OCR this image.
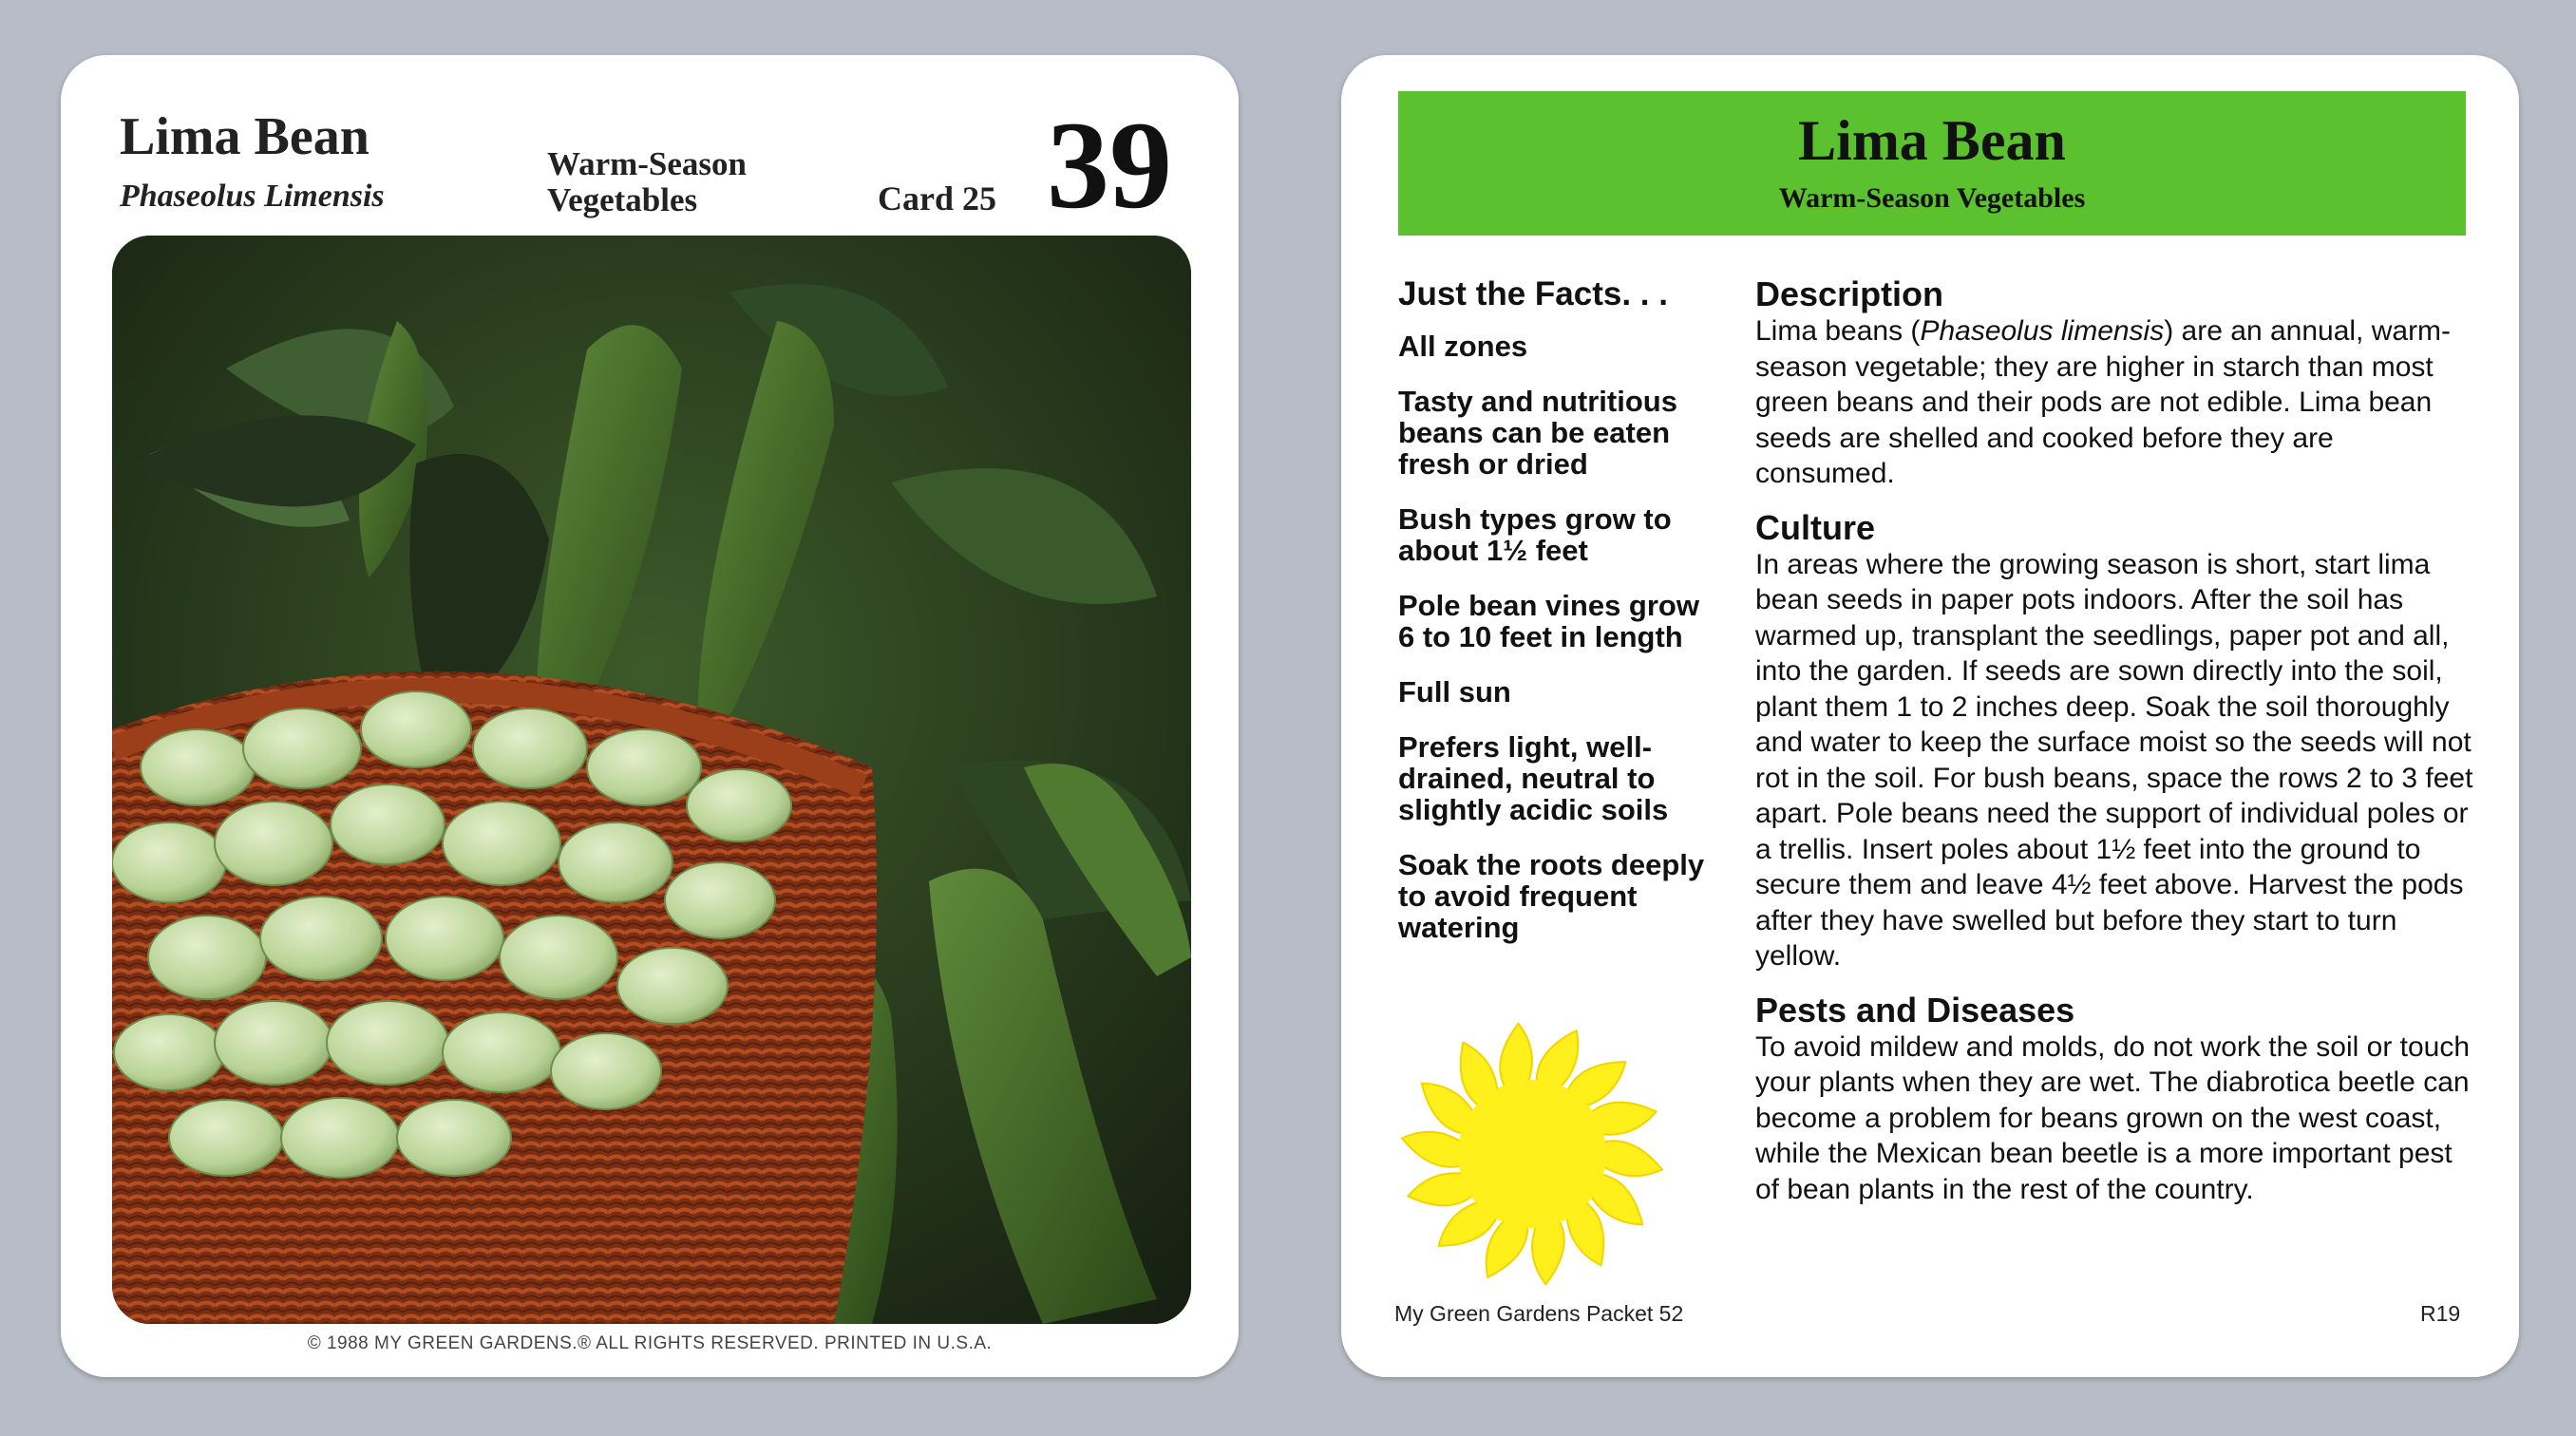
Lima Bean
Phaseolus Limensis
Warm-Season Vegetables	Card 25 39
© 1988 MY GREEN GARDENS.® ALL RIGHTS RESERVED. PRINTED IN U.S.A.
Lima Bean
Warm-Season Vegetables
Just the Facts. . .
All zones
Tasty and nutritious beans can be eaten fresh or dried
Bush types grow to about 1½ feet
Pole bean vines grow 6 to 10 feet in length
Full sun
Prefers light, well-drained, neutral to slightly acidic soils
Soak the roots deeply to avoid frequent watering
Description
Lima beans (Phaseolus limensis) are an annual, warm-season vegetable; they are higher in starch than most green beans and their pods are not edible. Lima bean seeds are shelled and cooked before they are consumed.
Culture
In areas where the growing season is short, start lima bean seeds in paper pots indoors. After the soil has warmed up, transplant the seedlings, paper pot and all, into the garden. If seeds are sown directly into the soil, plant them 1 to 2 inches deep. Soak the soil thoroughly and water to keep the surface moist so the seeds will not rot in the soil. For bush beans, space the rows 2 to 3 feet apart. Pole beans need the support of individual poles or a trellis. Insert poles about 1½ feet into the ground to secure them and leave 4½ feet above. Harvest the pods after they have swelled but before they start to turn yellow.
Pests and Diseases
To avoid mildew and molds, do not work the soil or touch your plants when they are wet. The diabrotica beetle can become a problem for beans grown on the west coast, while the Mexican bean beetle is a more important pest of bean plants in the rest of the country.
My Green Gardens Packet 52	R19
